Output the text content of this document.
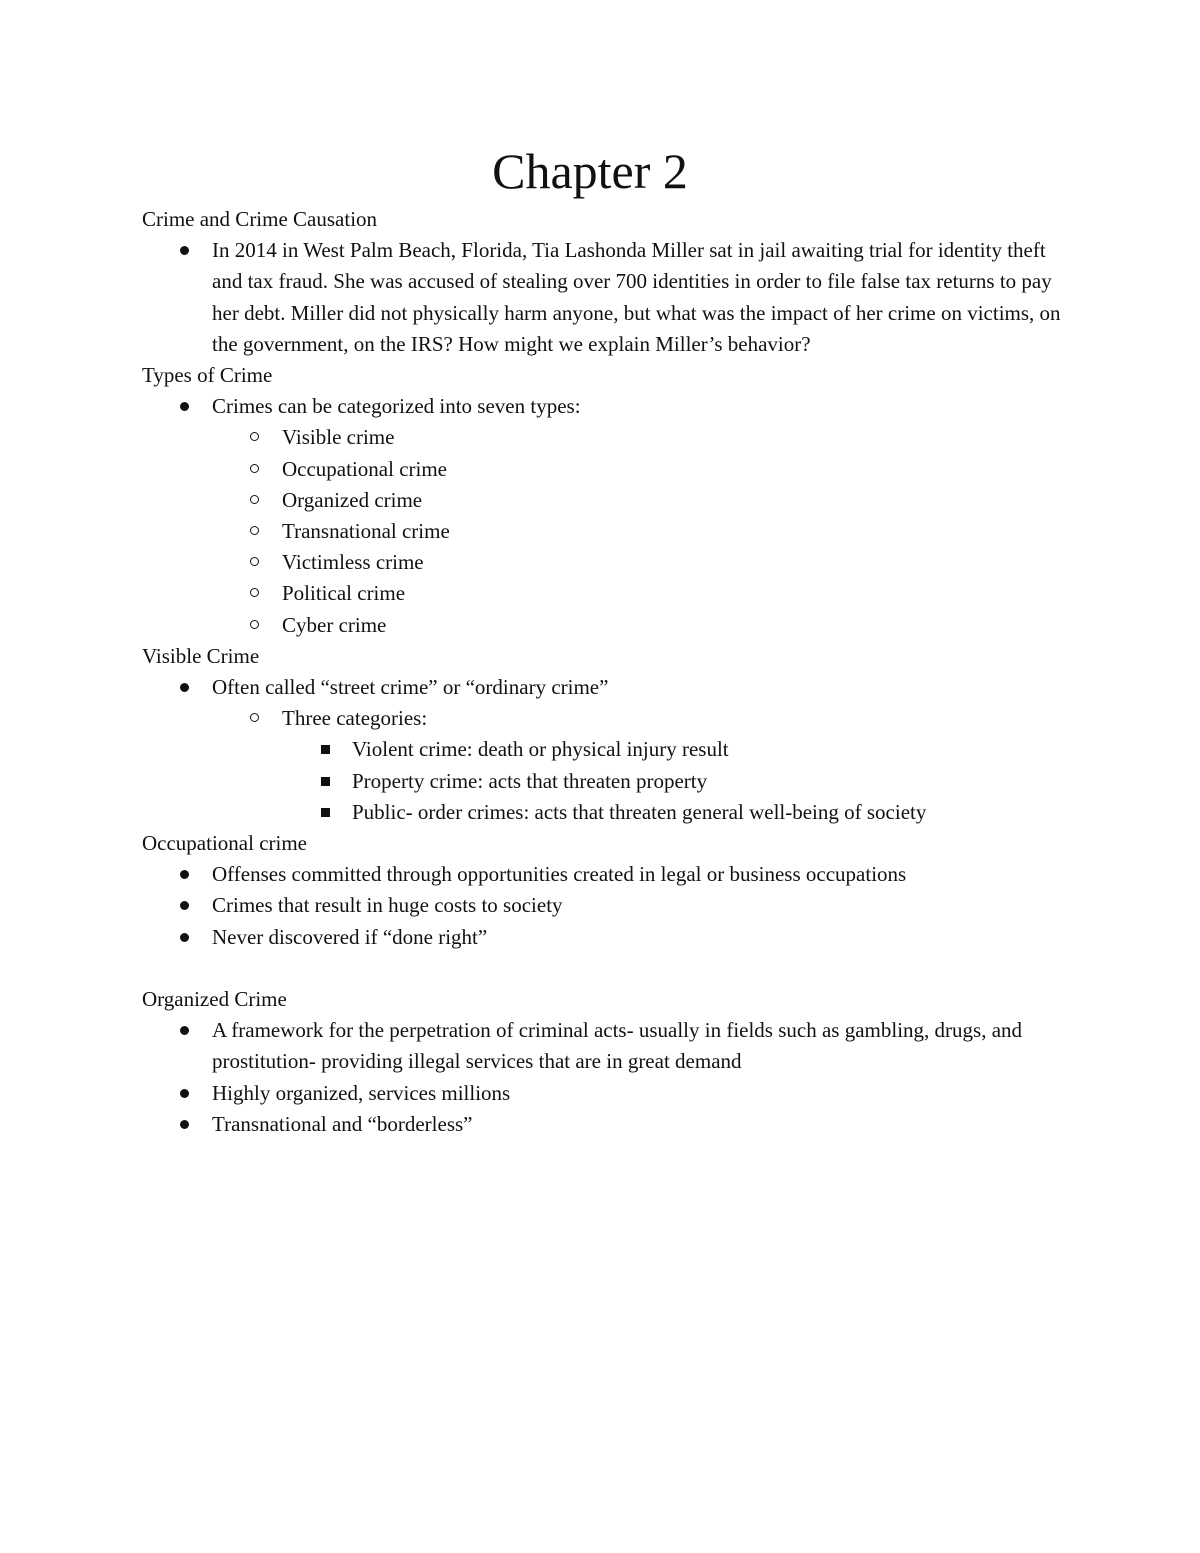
Chapter 2

Crime and Crime Causation

In 2014 in West Palm Beach, Florida, Tia Lashonda Miller sat in jail awaiting trial for identity theft and tax fraud. She was accused of stealing over 700 identities in order to file false tax returns to pay her debt. Miller did not physically harm anyone, but what was the impact of her crime on victims, on the government, on the IRS? How might we explain Miller’s behavior?

Types of Crime

Crimes can be categorized into seven types:
Visible crime
Occupational crime
Organized crime
Transnational crime
Victimless crime
Political crime
Cyber crime

Visible Crime

Often called “street crime” or “ordinary crime”
Three categories:
Violent crime: death or physical injury result
Property crime: acts that threaten property
Public- order crimes: acts that threaten general well-being of society

Occupational crime

Offenses committed through opportunities created in legal or business occupations
Crimes that result in huge costs to society
Never discovered if “done right”

Organized Crime

A framework for the perpetration of criminal acts- usually in fields such as gambling, drugs, and prostitution- providing illegal services that are in great demand
Highly organized, services millions
Transnational and “borderless”
